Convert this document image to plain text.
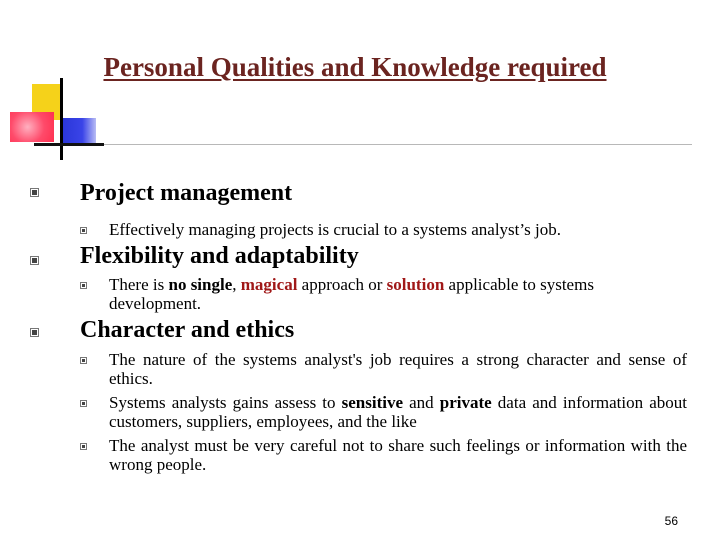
Personal Qualities and Knowledge required
Project management

Effectively managing projects is crucial to a systems analyst’s job.

Flexibility and adaptability

There is no single, magical approach or solution applicable to systems development.

Character and ethics

The nature of the systems analyst's job requires a strong character and sense of ethics.

Systems analysts gains assess to sensitive and private data and information about customers, suppliers, employees, and the like

The analyst must be very careful not to share such feelings or information with the wrong people.

56
